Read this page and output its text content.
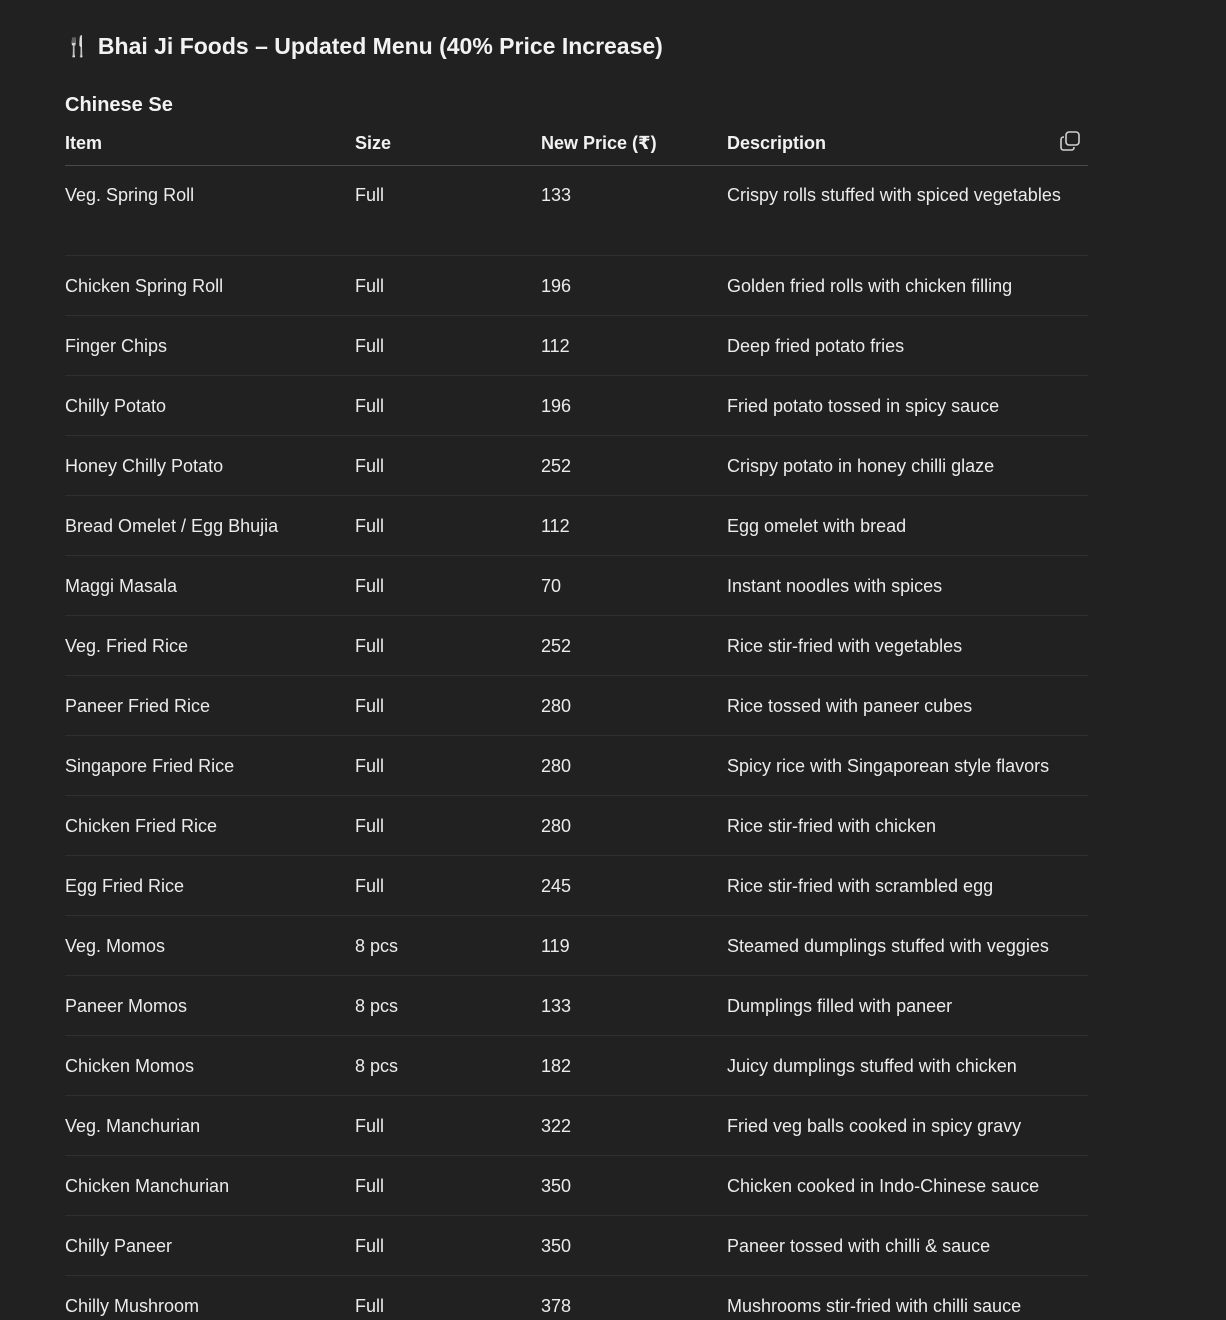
🍴 Bhai Ji Foods – Updated Menu (40% Price Increase)
Chinese Se
Item	Size	New Price (₹)	Description
Veg. Spring Roll	Full	133	Crispy rolls stuffed with spiced vegetables
Chicken Spring Roll	Full	196	Golden fried rolls with chicken filling
Finger Chips	Full	112	Deep fried potato fries
Chilly Potato	Full	196	Fried potato tossed in spicy sauce
Honey Chilly Potato	Full	252	Crispy potato in honey chilli glaze
Bread Omelet / Egg Bhujia	Full	112	Egg omelet with bread
Maggi Masala	Full	70	Instant noodles with spices
Veg. Fried Rice	Full	252	Rice stir-fried with vegetables
Paneer Fried Rice	Full	280	Rice tossed with paneer cubes
Singapore Fried Rice	Full	280	Spicy rice with Singaporean style flavors
Chicken Fried Rice	Full	280	Rice stir-fried with chicken
Egg Fried Rice	Full	245	Rice stir-fried with scrambled egg
Veg. Momos	8 pcs	119	Steamed dumplings stuffed with veggies
Paneer Momos	8 pcs	133	Dumplings filled with paneer
Chicken Momos	8 pcs	182	Juicy dumplings stuffed with chicken
Veg. Manchurian	Full	322	Fried veg balls cooked in spicy gravy
Chicken Manchurian	Full	350	Chicken cooked in Indo-Chinese sauce
Chilly Paneer	Full	350	Paneer tossed with chilli & sauce
Chilly Mushroom	Full	378	Mushrooms stir-fried with chilli sauce
